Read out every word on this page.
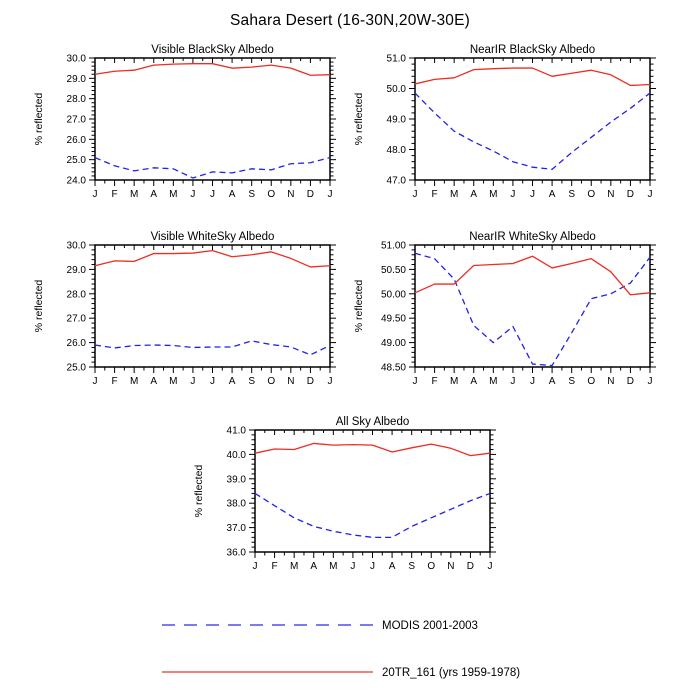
Sahara Desert (16-30N,20W-30E)
Visible BlackSky Albedo
% reflected
24.0
25.0
26.0
27.0
28.0
29.0
30.0
J F M A M J J A S O N D J
NearIR BlackSky Albedo
% reflected
47.0
48.0
49.0
50.0
51.0
J F M A M J J A S O N D J
Visible WhiteSky Albedo
% reflected
25.0
26.0
27.0
28.0
29.0
30.0
J F M A M J J A S O N D J
NearIR WhiteSky Albedo
% reflected
48.50
49.00
49.50
50.00
50.50
51.00
J F M A M J J A S O N D J
All Sky Albedo
% reflected
36.0
37.0
38.0
39.0
40.0
41.0
J F M A M J J A S O N D J
MODIS 2001-2003
20TR_161 (yrs 1959-1978)
